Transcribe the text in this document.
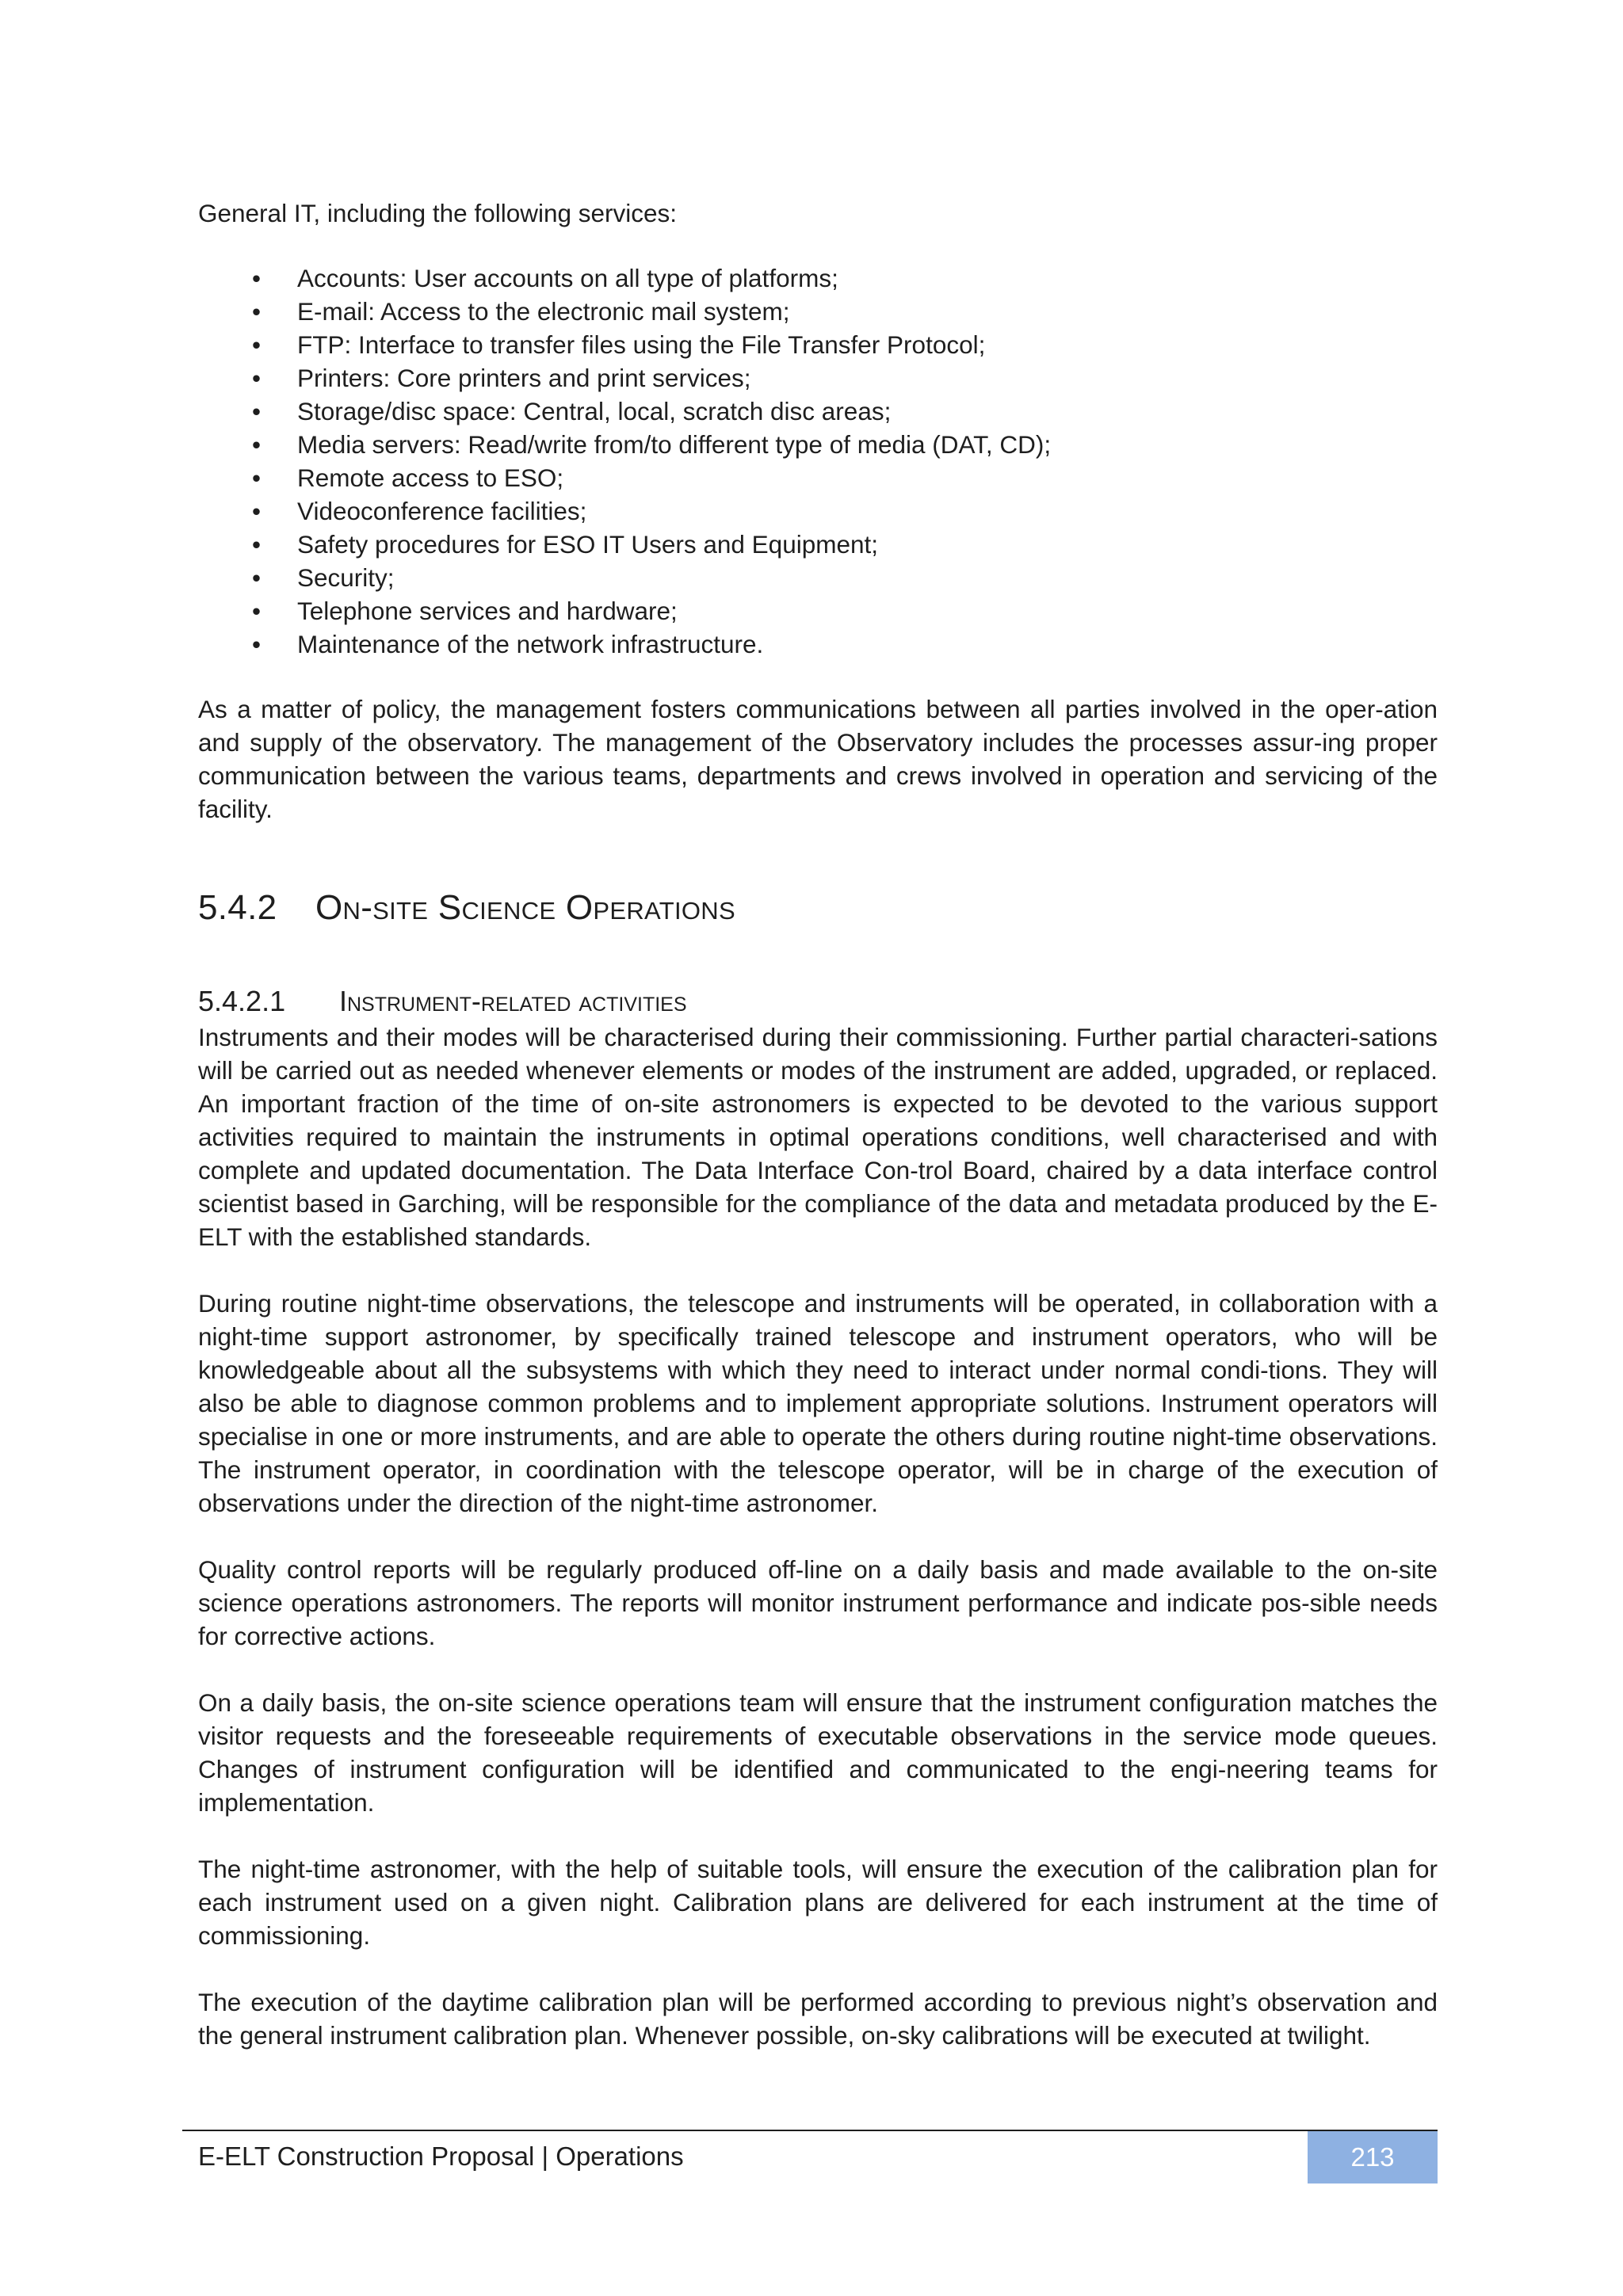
General IT, including the following services:

• Accounts: User accounts on all type of platforms;
• E-mail: Access to the electronic mail system;
• FTP: Interface to transfer files using the File Transfer Protocol;
• Printers: Core printers and print services;
• Storage/disc space: Central, local, scratch disc areas;
• Media servers: Read/write from/to different type of media (DAT, CD);
• Remote access to ESO;
• Videoconference facilities;
• Safety procedures for ESO IT Users and Equipment;
• Security;
• Telephone services and hardware;
• Maintenance of the network infrastructure.

As a matter of policy, the management fosters communications between all parties involved in the oper-ation and supply of the observatory. The management of the Observatory includes the processes assur-ing proper communication between the various teams, departments and crews involved in operation and servicing of the facility.

5.4.2 On-site Science Operations
5.4.2.1 Instrument-related activities

Instruments and their modes will be characterised during their commissioning. Further partial characteri-sations will be carried out as needed whenever elements or modes of the instrument are added, upgraded, or replaced. An important fraction of the time of on-site astronomers is expected to be devoted to the various support activities required to maintain the instruments in optimal operations conditions, well characterised and with complete and updated documentation. The Data Interface Con-trol Board, chaired by a data interface control scientist based in Garching, will be responsible for the compliance of the data and metadata produced by the E-ELT with the established standards.

During routine night-time observations, the telescope and instruments will be operated, in collaboration with a night-time support astronomer, by specifically trained telescope and instrument operators, who will be knowledgeable about all the subsystems with which they need to interact under normal condi-tions. They will also be able to diagnose common problems and to implement appropriate solutions. Instrument operators will specialise in one or more instruments, and are able to operate the others during routine night-time observations. The instrument operator, in coordination with the telescope operator, will be in charge of the execution of observations under the direction of the night-time astronomer.

Quality control reports will be regularly produced off-line on a daily basis and made available to the on-site science operations astronomers. The reports will monitor instrument performance and indicate pos-sible needs for corrective actions.

On a daily basis, the on-site science operations team will ensure that the instrument configuration matches the visitor requests and the foreseeable requirements of executable observations in the service mode queues. Changes of instrument configuration will be identified and communicated to the engi-neering teams for implementation.

The night-time astronomer, with the help of suitable tools, will ensure the execution of the calibration plan for each instrument used on a given night. Calibration plans are delivered for each instrument at the time of commissioning.

The execution of the daytime calibration plan will be performed according to previous night’s observation and the general instrument calibration plan. Whenever possible, on-sky calibrations will be executed at twilight.

E-ELT Construction Proposal | Operations	213
